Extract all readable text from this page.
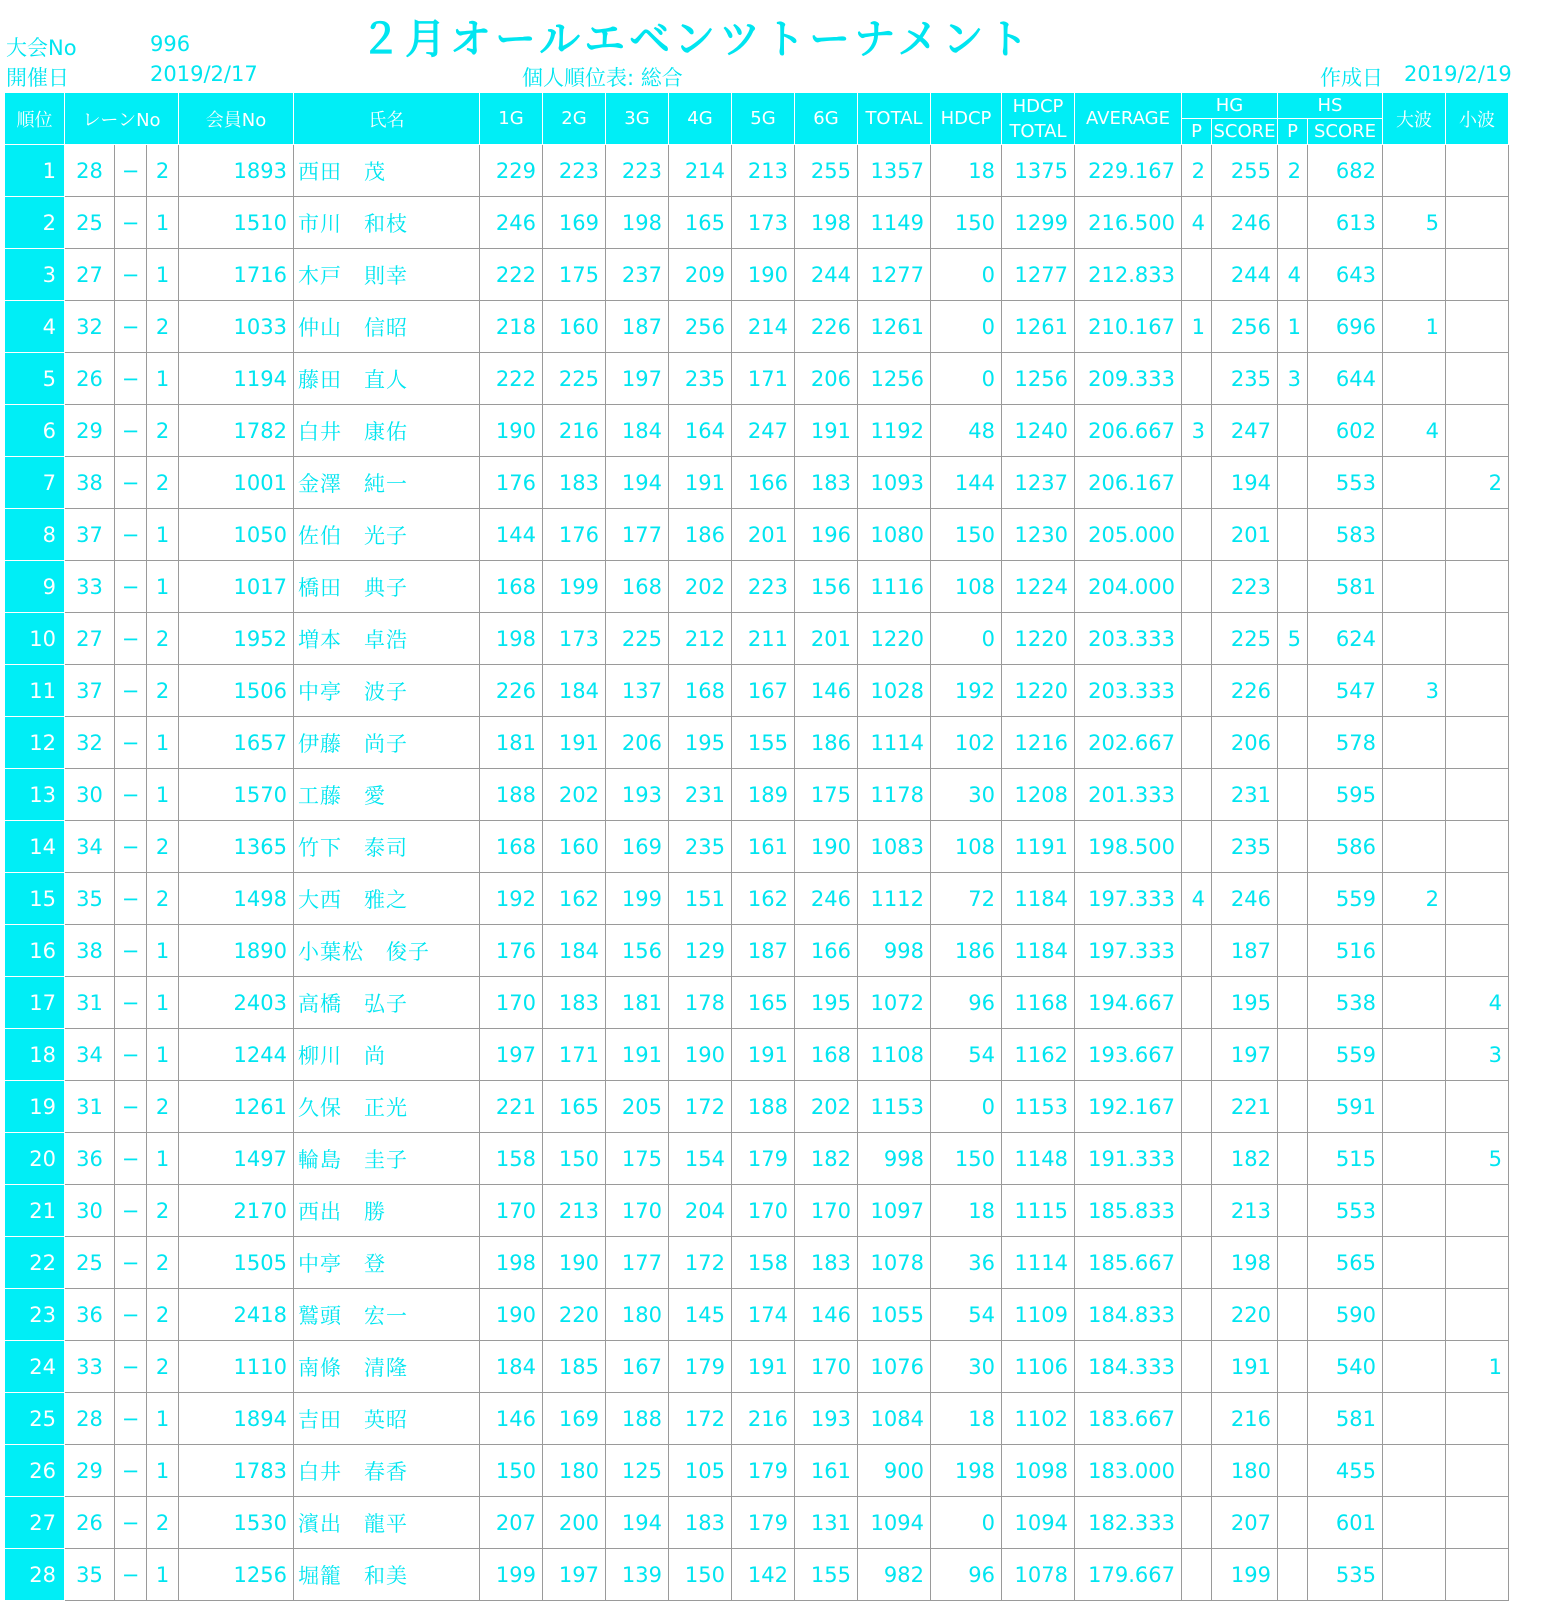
大会No	996	２月オールエベンツトーナメント
開催日	2019/2/17	個人順位表: 総合	作成日 2019/2/19
順位	レーンNo			会員No	氏名	1G	2G	3G	4G	5G	6G	TOTAL	HDCP	HDCP
TOTAL	AVERAGE	HG		HS		大波	小波
																P	SCORE	P	SCORE		
1	28	−	2	1893	西田　茂	229	223	223	214	213	255	1357	18	1375	229.167	2	255	2	682		
2	25	−	1	1510	市川　和枝	246	169	198	165	173	198	1149	150	1299	216.500	4	246		613	5	
3	27	−	1	1716	木戸　則幸	222	175	237	209	190	244	1277	0	1277	212.833		244	4	643		
4	32	−	2	1033	仲山　信昭	218	160	187	256	214	226	1261	0	1261	210.167	1	256	1	696	1	
5	26	−	1	1194	藤田　直人	222	225	197	235	171	206	1256	0	1256	209.333		235	3	644		
6	29	−	2	1782	白井　康佑	190	216	184	164	247	191	1192	48	1240	206.667	3	247		602	4	
7	38	−	2	1001	金澤　純一	176	183	194	191	166	183	1093	144	1237	206.167		194		553		2
8	37	−	1	1050	佐伯　光子	144	176	177	186	201	196	1080	150	1230	205.000		201		583		
9	33	−	1	1017	橋田　典子	168	199	168	202	223	156	1116	108	1224	204.000		223		581		
10	27	−	2	1952	増本　卓浩	198	173	225	212	211	201	1220	0	1220	203.333		225	5	624		
11	37	−	2	1506	中亭　波子	226	184	137	168	167	146	1028	192	1220	203.333		226		547	3	
12	32	−	1	1657	伊藤　尚子	181	191	206	195	155	186	1114	102	1216	202.667		206		578		
13	30	−	1	1570	工藤　愛	188	202	193	231	189	175	1178	30	1208	201.333		231		595		
14	34	−	2	1365	竹下　泰司	168	160	169	235	161	190	1083	108	1191	198.500		235		586		
15	35	−	2	1498	大西　雅之	192	162	199	151	162	246	1112	72	1184	197.333	4	246		559	2	
16	38	−	1	1890	小葉松　俊子	176	184	156	129	187	166	998	186	1184	197.333		187		516		
17	31	−	1	2403	高橋　弘子	170	183	181	178	165	195	1072	96	1168	194.667		195		538		4
18	34	−	1	1244	柳川　尚	197	171	191	190	191	168	1108	54	1162	193.667		197		559		3
19	31	−	2	1261	久保　正光	221	165	205	172	188	202	1153	0	1153	192.167		221		591		
20	36	−	1	1497	輪島　圭子	158	150	175	154	179	182	998	150	1148	191.333		182		515		5
21	30	−	2	2170	西出　勝	170	213	170	204	170	170	1097	18	1115	185.833		213		553		
22	25	−	2	1505	中亭　登	198	190	177	172	158	183	1078	36	1114	185.667		198		565		
23	36	−	2	2418	鷲頭　宏一	190	220	180	145	174	146	1055	54	1109	184.833		220		590		
24	33	−	2	1110	南條　清隆	184	185	167	179	191	170	1076	30	1106	184.333		191		540		1
25	28	−	1	1894	吉田　英昭	146	169	188	172	216	193	1084	18	1102	183.667		216		581		
26	29	−	1	1783	白井　春香	150	180	125	105	179	161	900	198	1098	183.000		180		455		
27	26	−	2	1530	濱出　龍平	207	200	194	183	179	131	1094	0	1094	182.333		207		601		
28	35	−	1	1256	堀籠　和美	199	197	139	150	142	155	982	96	1078	179.667		199		535		
